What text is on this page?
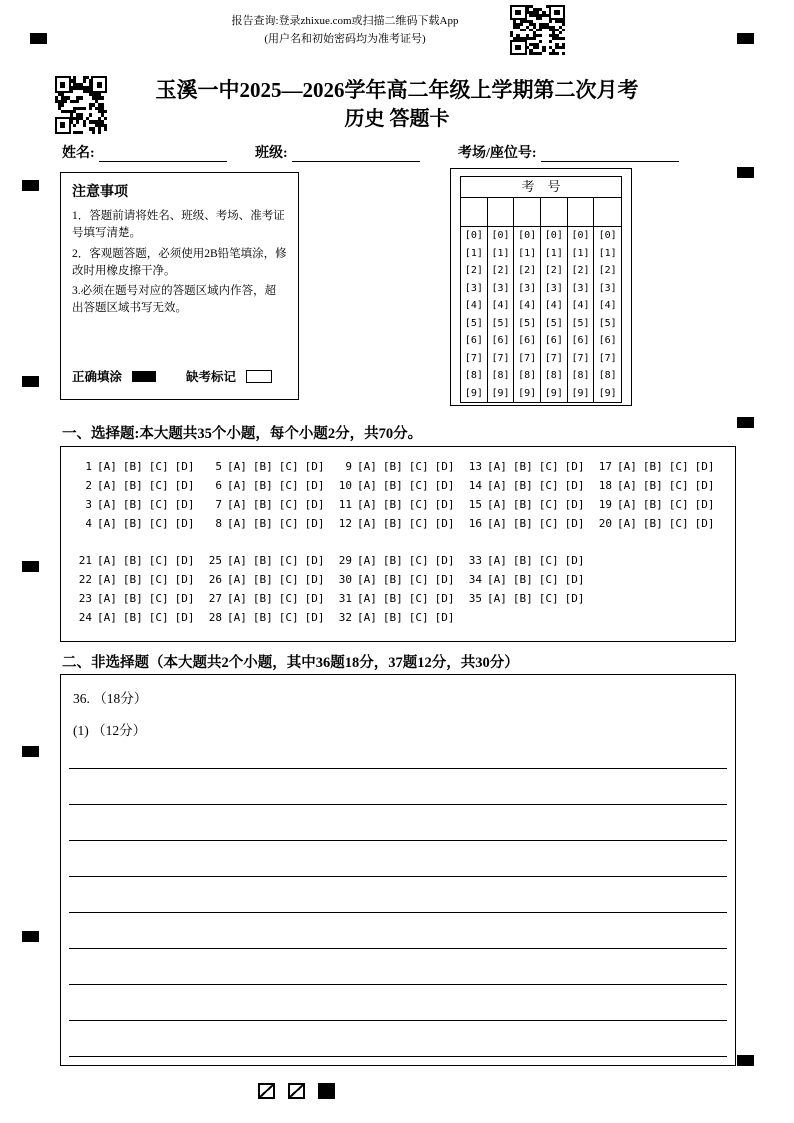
报告查询:登录zhixue.com或扫描二维码下载App
(用户名和初始密码均为准考证号)
玉溪一中2025—2026学年高二年级上学期第二次月考
历史 答题卡
姓名:	班级:	考场/座位号:
注意事项
1．答题前请将姓名、班级、考场、准考证号填写清楚。
2．客观题答题，必须使用2B铅笔填涂，修改时用橡皮擦干净。
3.必须在题号对应的答题区域内作答，超出答题区域书写无效。
正确填涂	缺考标记
考　号
[0] [0] [0] [0] [0] [0]
[1] [1] [1] [1] [1] [1]
[2] [2] [2] [2] [2] [2]
[3] [3] [3] [3] [3] [3]
[4] [4] [4] [4] [4] [4]
[5] [5] [5] [5] [5] [5]
[6] [6] [6] [6] [6] [6]
[7] [7] [7] [7] [7] [7]
[8] [8] [8] [8] [8] [8]
[9] [9] [9] [9] [9] [9]
一、选择题:本大题共35个小题，每个小题2分，共70分。
1 [A] [B] [C] [D]	5 [A] [B] [C] [D]	9 [A] [B] [C] [D] 13 [A] [B] [C] [D] 17 [A] [B] [C] [D]
2 [A] [B] [C] [D]	6 [A] [B] [C] [D] 10 [A] [B] [C] [D] 14 [A] [B] [C] [D] 18 [A] [B] [C] [D]
3 [A] [B] [C] [D]	7 [A] [B] [C] [D] 11 [A] [B] [C] [D] 15 [A] [B] [C] [D] 19 [A] [B] [C] [D]
4 [A] [B] [C] [D]	8 [A] [B] [C] [D] 12 [A] [B] [C] [D] 16 [A] [B] [C] [D] 20 [A] [B] [C] [D]
21 [A] [B] [C] [D] 25 [A] [B] [C] [D] 29 [A] [B] [C] [D] 33 [A] [B] [C] [D]
22 [A] [B] [C] [D] 26 [A] [B] [C] [D] 30 [A] [B] [C] [D] 34 [A] [B] [C] [D]
23 [A] [B] [C] [D] 27 [A] [B] [C] [D] 31 [A] [B] [C] [D] 35 [A] [B] [C] [D]
24 [A] [B] [C] [D] 28 [A] [B] [C] [D] 32 [A] [B] [C] [D]
二、非选择题（本大题共2个小题，其中36题18分，37题12分，共30分）
36. （18分）
(1) （12分）
